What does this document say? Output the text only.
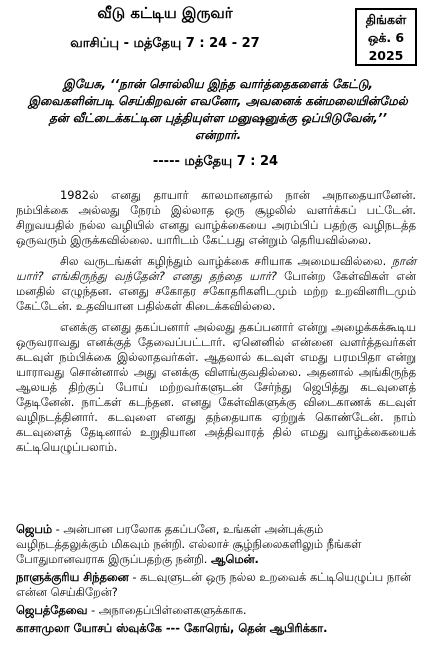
வீடு கட்டிய இருவர்
வாசிப்பு - மத்தேயு 7 : 24 - 27
திங்கள்
ஒக். 6
2025
இயேசு, ‘‘நான் சொல்லிய இந்த வார்த்தைகளைக் கேட்டு, இவைகளின்படி செய்கிறவன் எவனோ, அவனைக் கன்மலையின்மேல் தன் வீட்டைக்கட்டின புத்தியுள்ள மனுஷனுக்கு ஒப்பிடுவேன்,’’ என்றார்.
----- மத்தேயு 7 : 24

1982ல் எனது தாயார் காலமானதால் நான் அநாதையானேன். நம்பிக்கை அல்லது நேரம் இல்லாத ஒரு சூழலில் வளர்க்கப் பட்டேன். சிறுவயதில் நல்ல வழியில் எனது வாழ்க்கையை அரம்பிப் பதற்கு வழிநடத்த ஒருவரும் இருக்கவில்லை. யாரிடம் கேட்பது என்றும் தெரியவில்லை.

சில வருடங்கள் கழிந்தும் வாழ்க்கை சரியாக அமையவில்லை. நான் யார்? எங்கிருந்து வந்தேன்? எனது தந்தை யார்? போன்ற கேள்விகள் என் மனதில் எழுந்தன. எனது சகோதர சகோதரிகளிடமும் மற்ற உறவினரிடமும் கேட்டேன். உதவியான பதில்கள் கிடைக்கவில்லை.

எனக்கு எனது தகப்பனார் அல்லது தகப்பனார் என்று அழைக்கக்கூடிய ஒருவராவது எனக்குத் தேவைப்பட்டார். ஏனெனில் என்னை வளர்த்தவர்கள் கடவுள் நம்பிக்கை இல்லாதவர்கள். ஆதலால் கடவுள் எமது பரமபிதா என்று யாராவது சொன்னால் அது எனக்கு விளங்குவதில்லை. அதனால் அங்கிருந்த ஆலயத் திற்குப் போய் மற்றவர்களுடன் சேர்ந்து ஜெபித்து கடவுளைத் தேடினேன். நாட்கள் கடந்தன. எனது கேள்விகளுக்கு விடைகாணக் கடவுள் வழிநடத்தினார். கடவுளை எனது தந்தையாக ஏற்றுக் கொண்டேன். நாம் கடவுளைத் தேடினால் உறுதியான அத்திவாரத் தில் எமது வாழ்க்கையைக் கட்டியெழுப்பலாம்.

ஜெபம் - அன்பான பரலோக தகப்பனே, உங்கள் அன்புக்கும் வழிநடத்தலுக்கும் மிகவும் நன்றி. எல்லாச் சூழ்நிலைகளிலும் நீங்கள் போதுமானவராக இருப்பதற்கு நன்றி. ஆமென்.
நாளுக்குரிய சிந்தனை - கடவுளுடன் ஒரு நல்ல உறவைக் கட்டியெழுப்ப நான் என்ன செய்கிறேன்?
ஜெபத்தேவை - அநாதைப்பிள்ளைகளுக்காக.
காசாமுலா யோசப் ஸ்வுக்கே --- கோரெங், தென் ஆபிரிக்கா.
